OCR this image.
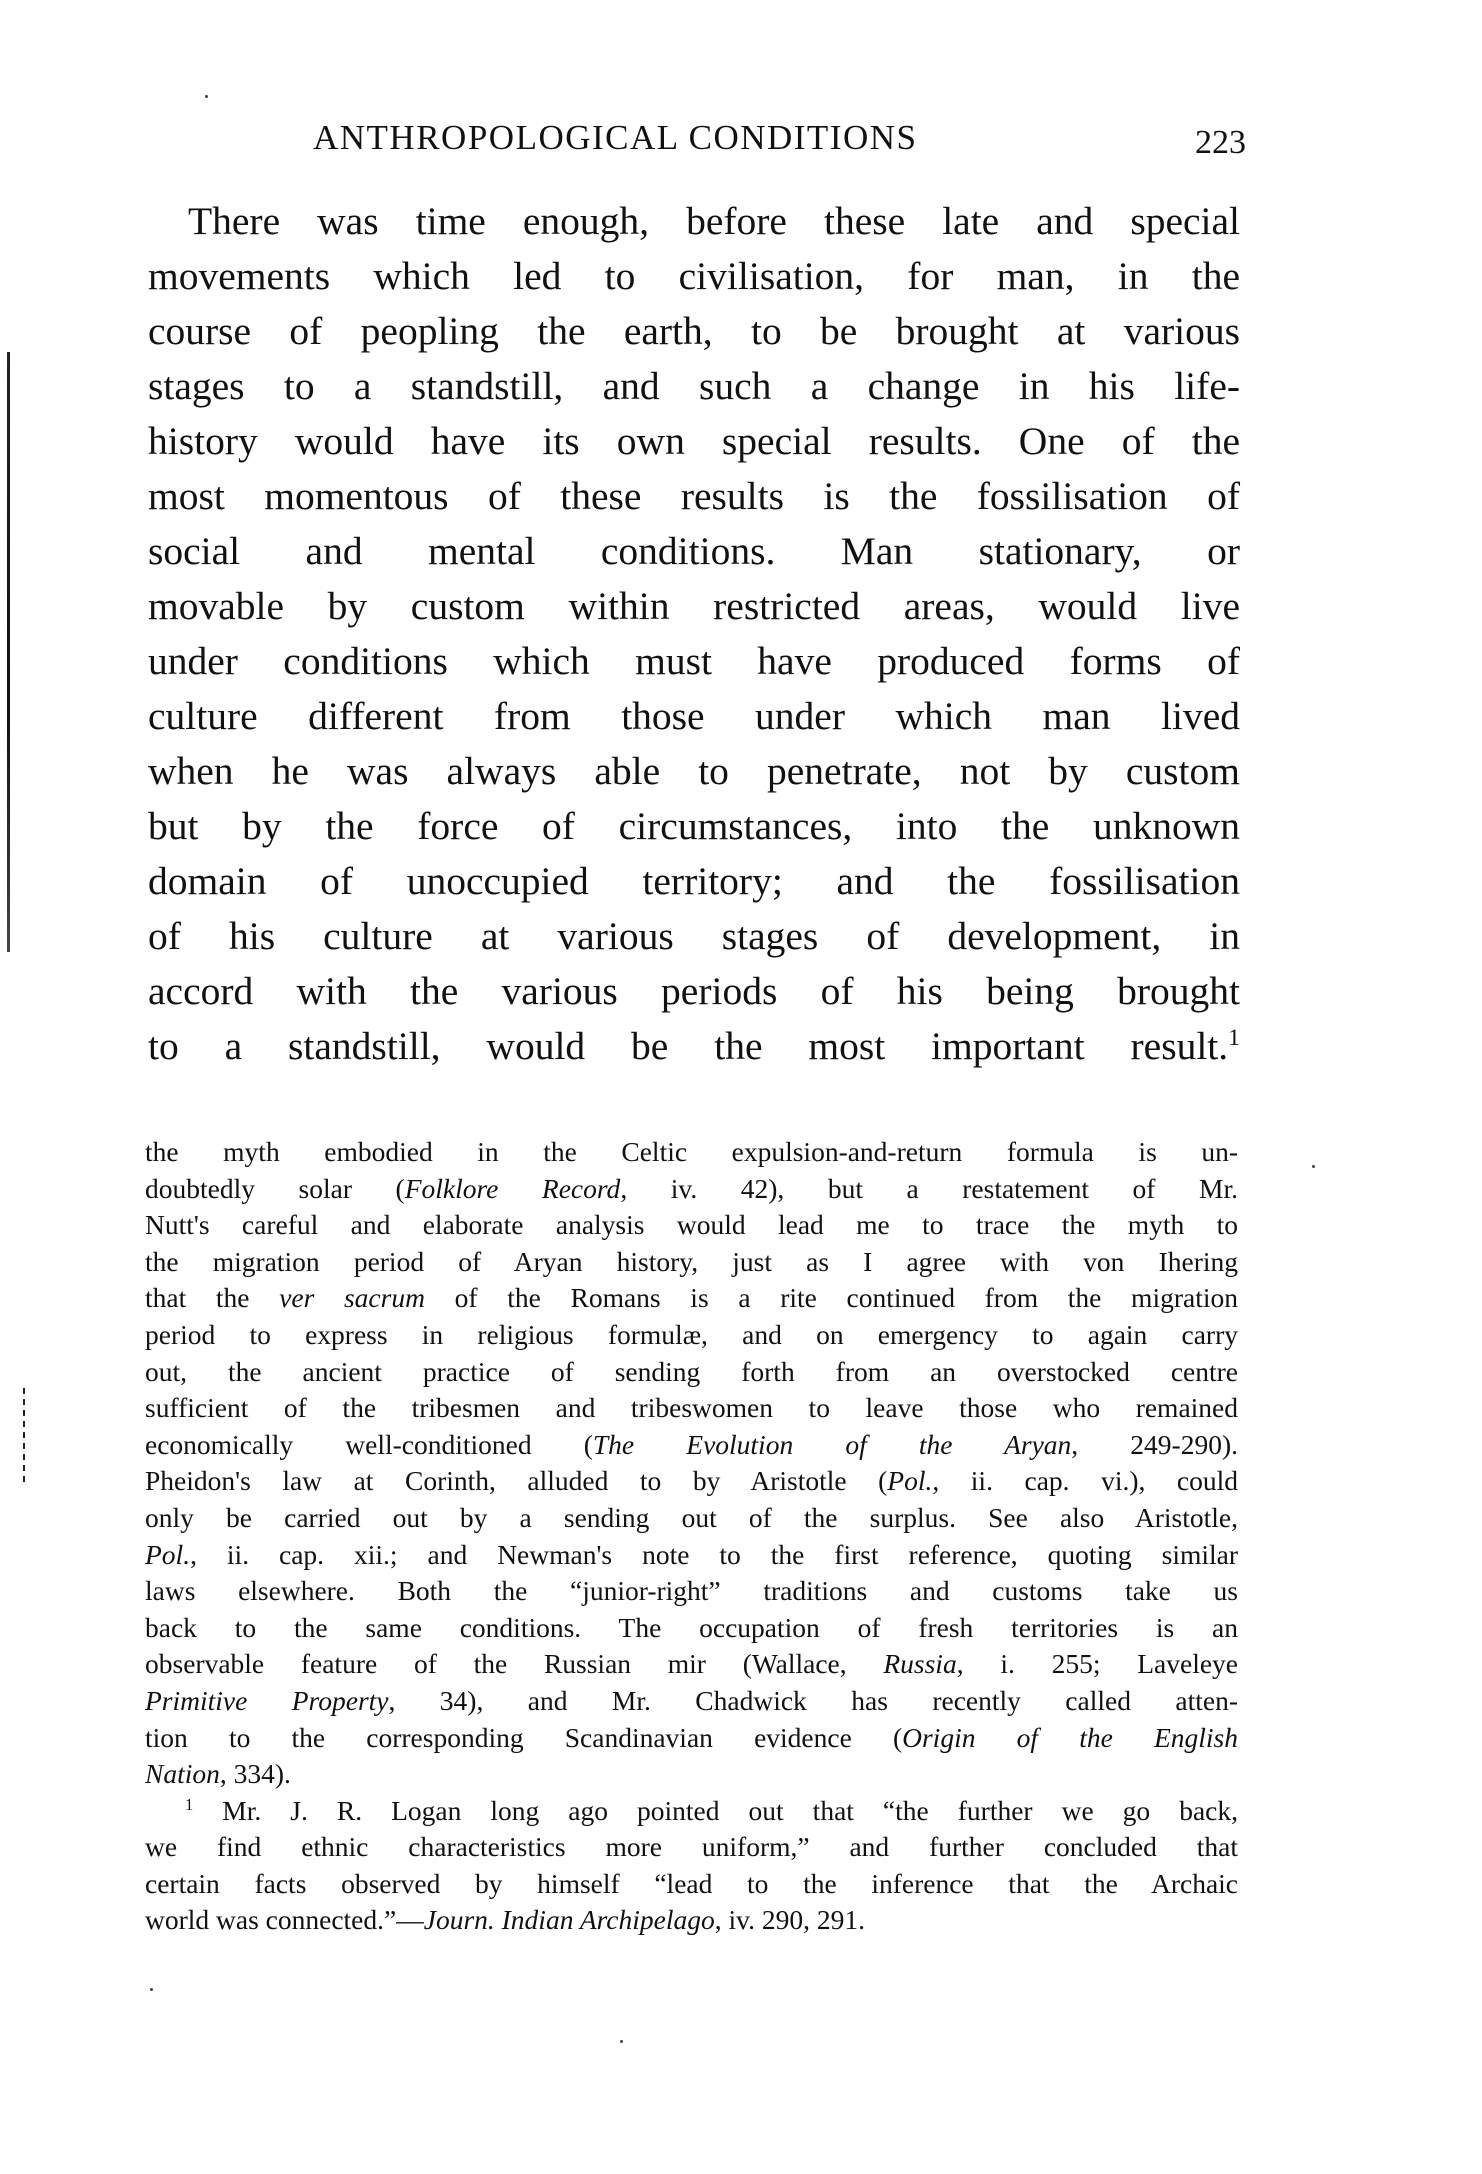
ANTHROPOLOGICAL CONDITIONS	223
There was time enough, before these late and special
movements which led to civilisation, for man, in the
course of peopling the earth, to be brought at various
stages to a standstill, and such a change in his life-
history would have its own special results. One of the
most momentous of these results is the fossilisation of
social and mental conditions. Man stationary, or
movable by custom within restricted areas, would live
under conditions which must have produced forms of
culture different from those under which man lived
when he was always able to penetrate, not by custom
but by the force of circumstances, into the unknown
domain of unoccupied territory; and the fossilisation
of his culture at various stages of development, in
accord with the various periods of his being brought
to a standstill, would be the most important result.$^1$
the myth embodied in the Celtic expulsion-and-return formula is un-
doubtedly solar (Folklore Record, iv. 42), but a restatement of Mr.
Nutt's careful and elaborate analysis would lead me to trace the myth to
the migration period of Aryan history, just as I agree with von Ihering
that the ver sacrum of the Romans is a rite continued from the migration
period to express in religious formulæ, and on emergency to again carry
out, the ancient practice of sending forth from an overstocked centre
sufficient of the tribesmen and tribeswomen to leave those who remained
economically well-conditioned (The Evolution of the Aryan, 249-290).
Pheidon's law at Corinth, alluded to by Aristotle (Pol., ii. cap. vi.), could
only be carried out by a sending out of the surplus. See also Aristotle,
Pol., ii. cap. xii.; and Newman's note to the first reference, quoting similar
laws elsewhere. Both the “junior-right” traditions and customs take us
back to the same conditions. The occupation of fresh territories is an
observable feature of the Russian mir (Wallace, Russia, i. 255; Laveleye
Primitive Property, 34), and Mr. Chadwick has recently called atten-
tion to the corresponding Scandinavian evidence (Origin of the English
Nation, 334).
$^1$ Mr. J. R. Logan long ago pointed out that “the further we go back,
we find ethnic characteristics more uniform,” and further concluded that
certain facts observed by himself “lead to the inference that the Archaic
world was connected.”—Journ. Indian Archipelago, iv. 290, 291.
